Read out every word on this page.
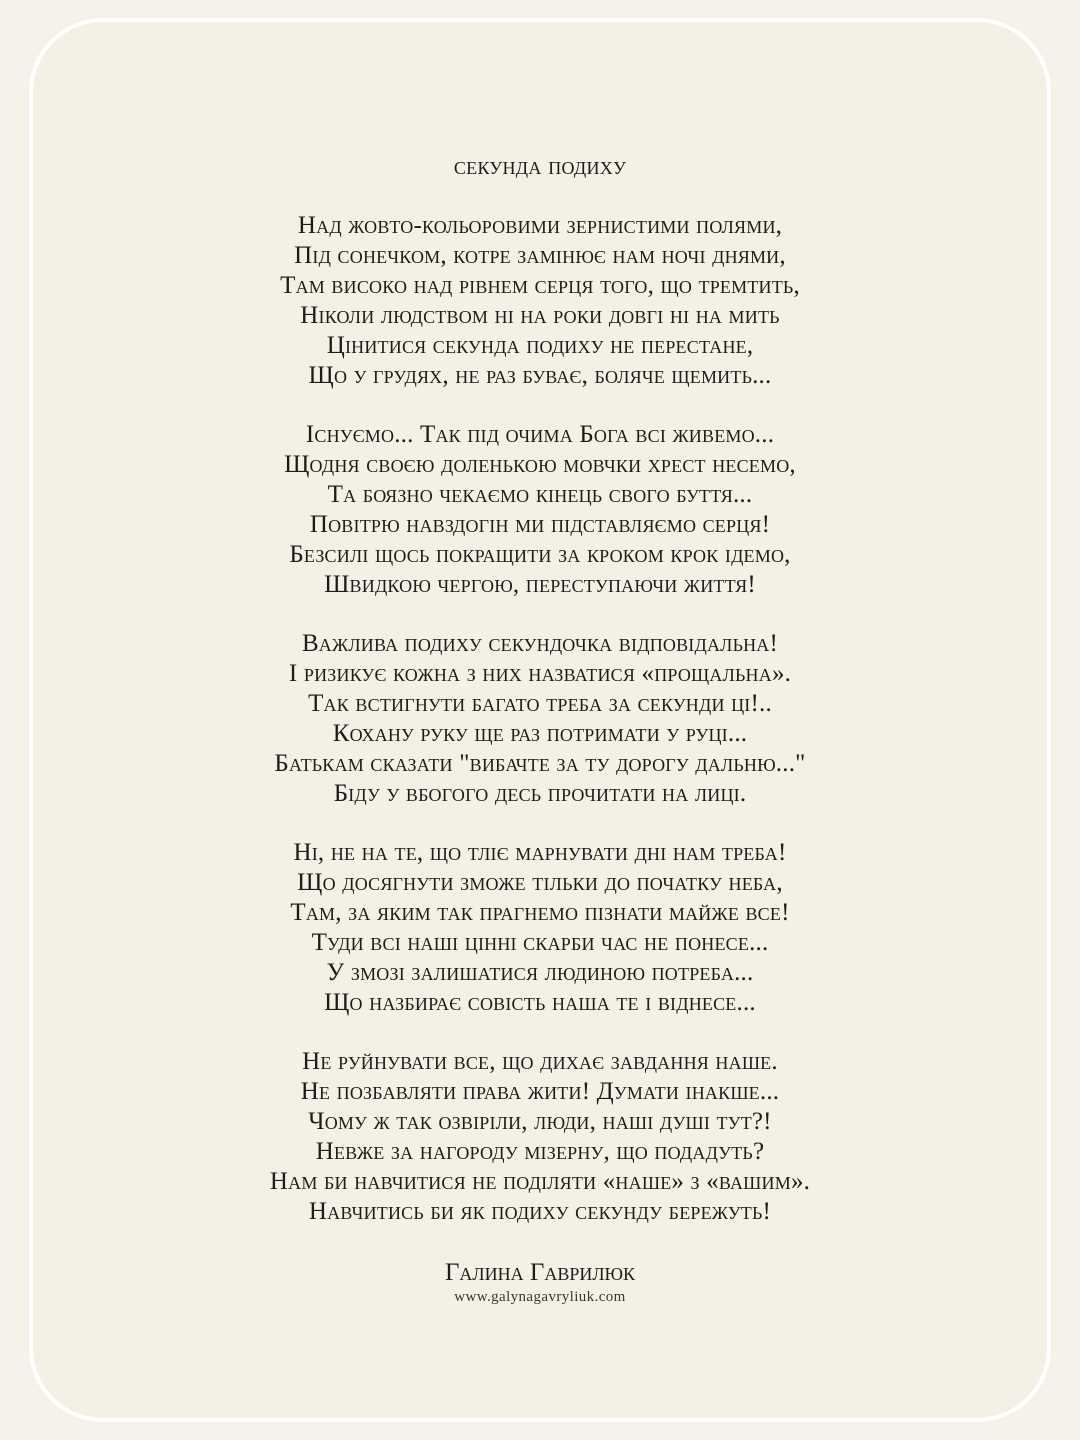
секунда подиху
Над жовто-кольоровими зернистими полями,
Під сонечком, котре замінює нам ночі днями,
Там високо над рівнем серця того, що тремтить,
Ніколи людством ні на роки довгі ні на мить
Цінитися секунда подиху не перестане,
Що у грудях, не раз буває, боляче щемить...
Існуємо... Так під очима Бога всі живемо...
Щодня своєю доленькою мовчки хрест несемо,
Та боязно чекаємо кінець свого буття...
Повітрю навздогін ми підставляємо серця!
Безсилі щось покращити за кроком крок ідемо,
Швидкою чергою, переступаючи життя!
Важлива подиху секундочка відповідальна!
І ризикує кожна з них назватися «прощальна».
Так встигнути багато треба за секунди ці!..
Кохану руку ще раз потримати у руці...
Батькам сказати "вибачте за ту дорогу дальню..."
Біду у вбогого десь прочитати на лиці.
Ні, не на те, що тліє марнувати дні нам треба!
Що досягнути зможе тільки до початку неба,
Там, за яким так прагнемо пізнати майже все!
Туди всі наші цінні скарби час не понесе...
У змозі залишатися людиною потреба...
Що назбирає совість наша те і віднесе...
Не руйнувати все, що дихає завдання наше.
Не позбавляти права жити! Думати інакше...
Чому ж так озвіріли, люди, наші душі тут?!
Невже за нагороду мізерну, що подадуть?
Нам би навчитися не поділяти «наше» з «вашим».
Навчитись би як подиху секунду бережуть!
Галина Гаврилюк
www.galynagavryliuk.com
